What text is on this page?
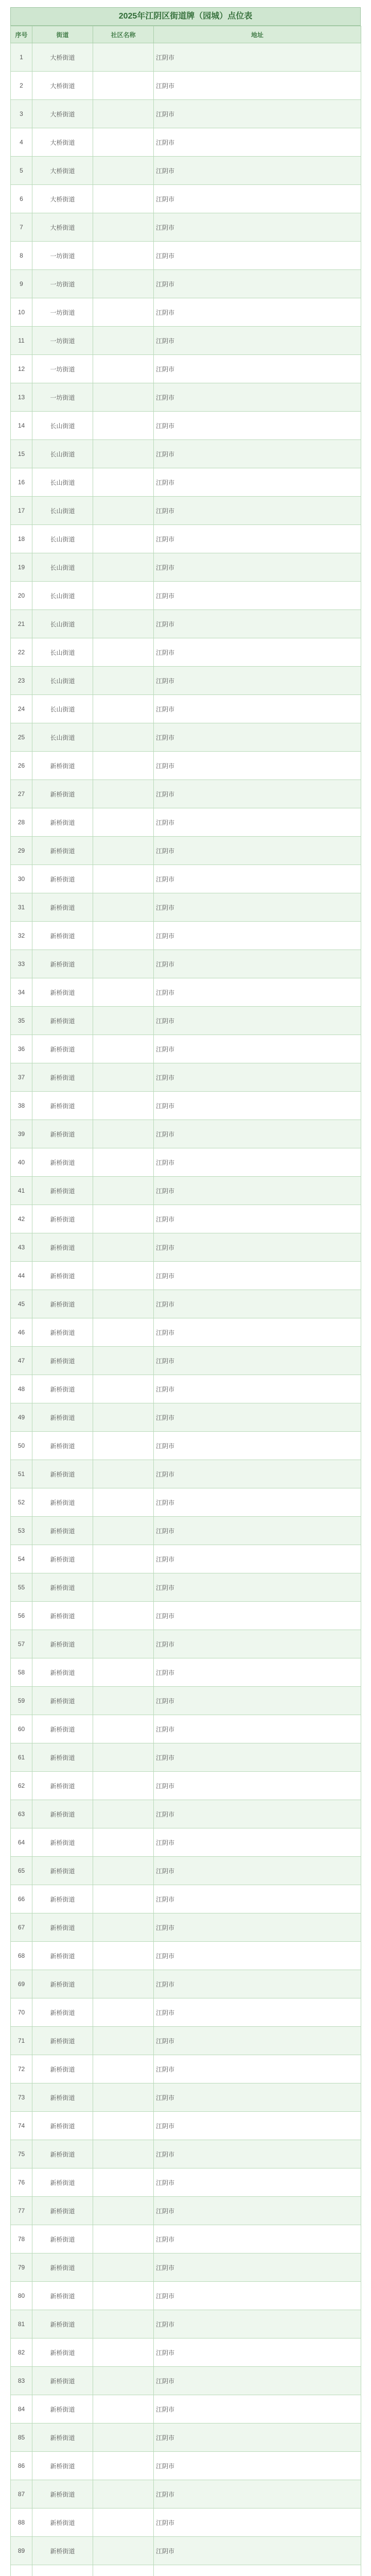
2025年江阴区街道牌（园城）点位表
序号	街道	社区名称	地址
1	大桥街道		江阴市
2	大桥街道		江阴市
3	大桥街道		江阴市
4	大桥街道		江阴市
5	大桥街道		江阴市
6	大桥街道		江阴市
7	大桥街道		江阴市
8	一坊街道		江阴市
9	一坊街道		江阴市
10	一坊街道		江阴市
11	一坊街道		江阴市
12	一坊街道		江阴市
13	一坊街道		江阴市
14	长山街道		江阴市
15	长山街道		江阴市
16	长山街道		江阴市
17	长山街道		江阴市
18	长山街道		江阴市
19	长山街道		江阴市
20	长山街道		江阴市
21	长山街道		江阴市
22	长山街道		江阴市
23	长山街道		江阴市
24	长山街道		江阴市
25	长山街道		江阴市
26	新桥街道		江阴市
27	新桥街道		江阴市
28	新桥街道		江阴市
29	新桥街道		江阴市
30	新桥街道		江阴市
31	新桥街道		江阴市
32	新桥街道		江阴市
33	新桥街道		江阴市
34	新桥街道		江阴市
35	新桥街道		江阴市
36	新桥街道		江阴市
37	新桥街道		江阴市
38	新桥街道		江阴市
39	新桥街道		江阴市
40	新桥街道		江阴市
41	新桥街道		江阴市
42	新桥街道		江阴市
43	新桥街道		江阴市
44	新桥街道		江阴市
45	新桥街道		江阴市
46	新桥街道		江阴市
47	新桥街道		江阴市
48	新桥街道		江阴市
49	新桥街道		江阴市
50	新桥街道		江阴市
51	新桥街道		江阴市
52	新桥街道		江阴市
53	新桥街道		江阴市
54	新桥街道		江阴市
55	新桥街道		江阴市
56	新桥街道		江阴市
57	新桥街道		江阴市
58	新桥街道		江阴市
59	新桥街道		江阴市
60	新桥街道		江阴市
61	新桥街道		江阴市
62	新桥街道		江阴市
63	新桥街道		江阴市
64	新桥街道		江阴市
65	新桥街道		江阴市
66	新桥街道		江阴市
67	新桥街道		江阴市
68	新桥街道		江阴市
69	新桥街道		江阴市
70	新桥街道		江阴市
71	新桥街道		江阴市
72	新桥街道		江阴市
73	新桥街道		江阴市
74	新桥街道		江阴市
75	新桥街道		江阴市
76	新桥街道		江阴市
77	新桥街道		江阴市
78	新桥街道		江阴市
79	新桥街道		江阴市
80	新桥街道		江阴市
81	新桥街道		江阴市
82	新桥街道		江阴市
83	新桥街道		江阴市
84	新桥街道		江阴市
85	新桥街道		江阴市
86	新桥街道		江阴市
87	新桥街道		江阴市
88	新桥街道		江阴市
89	新桥街道		江阴市
